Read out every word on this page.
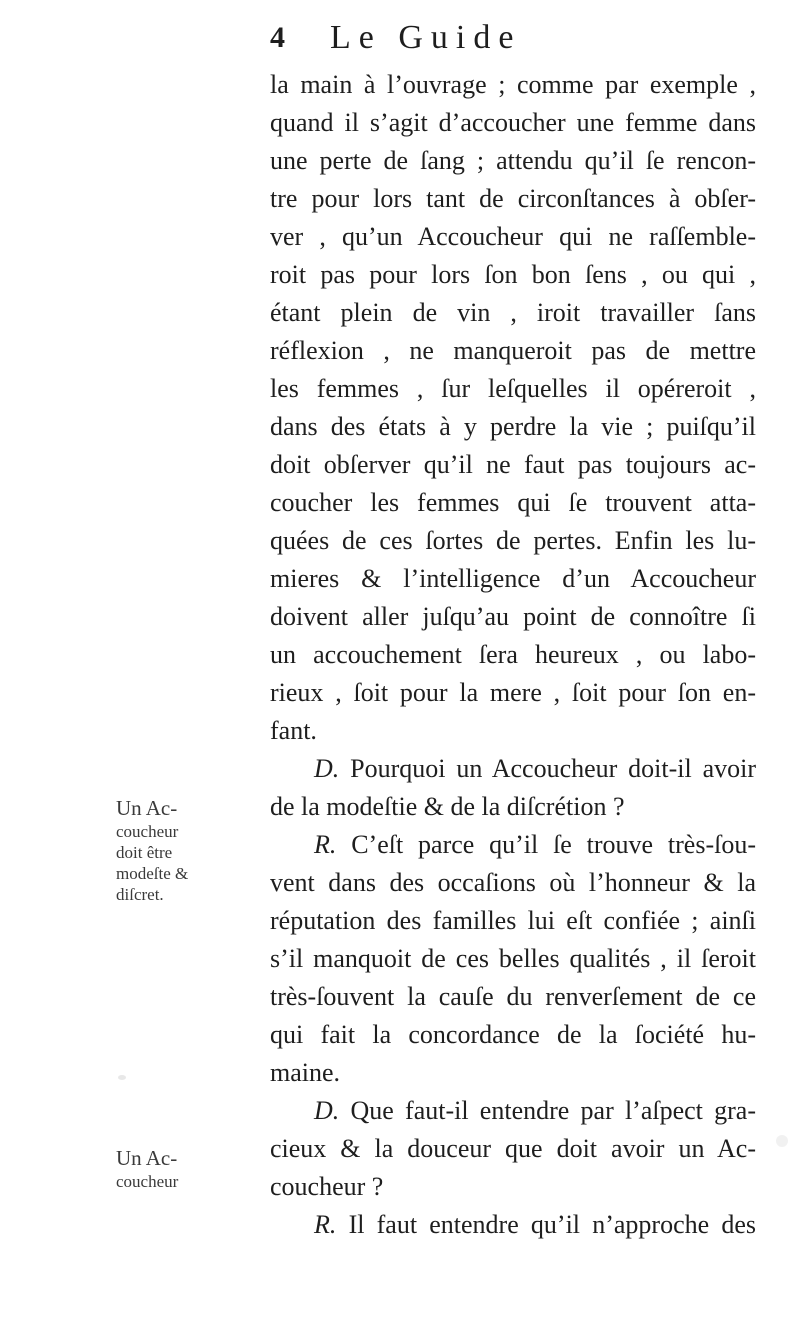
4 Le Guide
la main à l’ouvrage ; comme par exemple ,
quand il s’agit d’accoucher une femme dans
une perte de ſang ; attendu qu’il ſe rencon-
tre pour lors tant de circonſtances à obſer-
ver , qu’un Accoucheur qui ne raſſemble-
roit pas pour lors ſon bon ſens , ou qui ,
étant plein de vin , iroit travailler ſans
réflexion , ne manqueroit pas de mettre
les femmes , ſur leſquelles il opéreroit ,
dans des états à y perdre la vie ; puiſqu’il
doit obſerver qu’il ne faut pas toujours ac-
coucher les femmes qui ſe trouvent atta-
quées de ces ſortes de pertes. Enfin les lu-
mieres & l’intelligence d’un Accoucheur
doivent aller juſqu’au point de connoître ſi
un accouchement ſera heureux , ou labo-
rieux , ſoit pour la mere , ſoit pour ſon en-
fant.
D. Pourquoi un Accoucheur doit-il avoir
de la modeſtie & de la diſcrétion ?
R. C’eſt parce qu’il ſe trouve très-ſou-
vent dans des occaſions où l’honneur & la
réputation des familles lui eſt confiée ; ainſi
s’il manquoit de ces belles qualités , il ſeroit
très-ſouvent la cauſe du renverſement de ce
qui fait la concordance de la ſociété hu-
maine.
D. Que faut-il entendre par l’aſpect gra-
cieux & la douceur que doit avoir un Ac-
coucheur ?
R. Il faut entendre qu’il n’approche des
Un Ac-
coucheur
doit être
modeſte &
diſcret.
Un Ac-
coucheur
